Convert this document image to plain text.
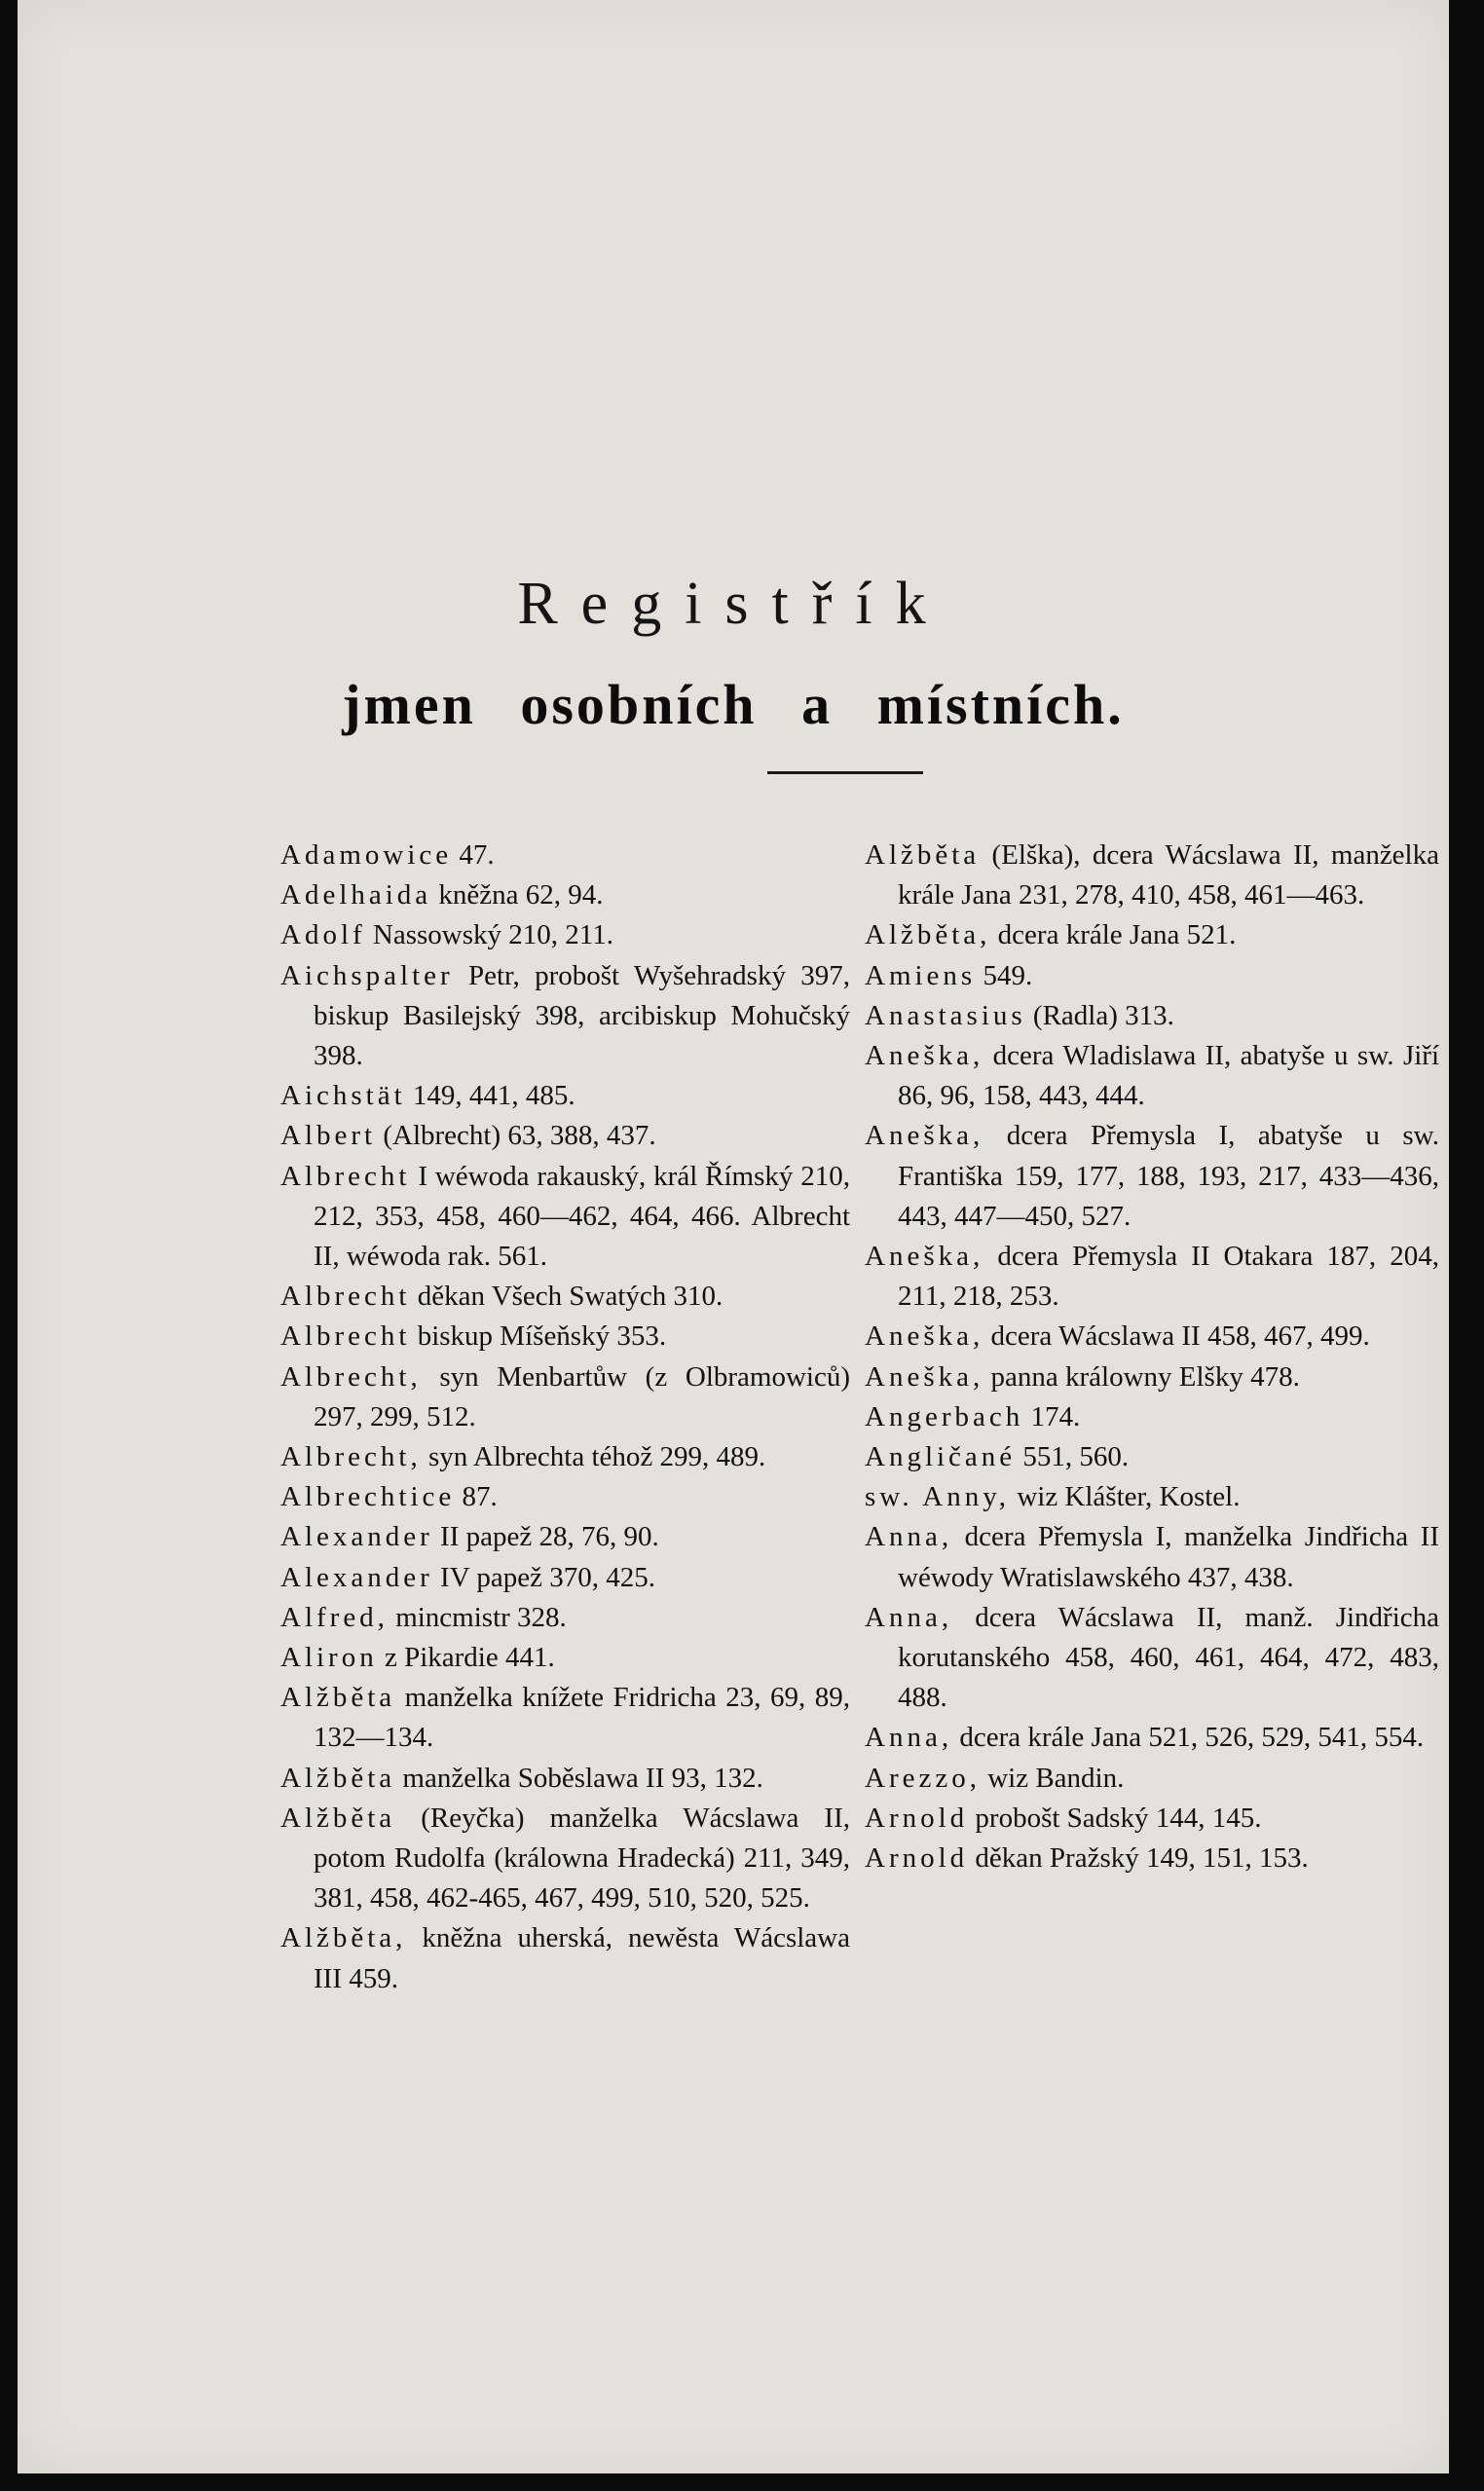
Registřík
jmen osobních a místních.
Adamowice 47.
Adelhaida kněžna 62, 94.
Adolf Nassowský 210, 211.
Aichspalter Petr, probošt Wyšehradský 397, biskup Basilejský 398, arcibiskup Mohučský 398.
Aichstät 149, 441, 485.
Albert (Albrecht) 63, 388, 437.
Albrecht I wéwoda rakauský, král Římský 210, 212, 353, 458, 460—462, 464, 466. Albrecht II, wéwoda rak. 561.
Albrecht děkan Všech Swatých 310.
Albrecht biskup Míšeňský 353.
Albrecht, syn Menbartůw (z Olbramowiců) 297, 299, 512.
Albrecht, syn Albrechta téhož 299, 489.
Albrechtice 87.
Alexander II papež 28, 76, 90.
Alexander IV papež 370, 425.
Alfred, mincmistr 328.
Aliron z Pikardie 441.
Alžběta manželka knížete Fridricha 23, 69, 89, 132—134.
Alžběta manželka Soběslawa II 93, 132.
Alžběta (Reyčka) manželka Wácslawa II, potom Rudolfa (králowna Hradecká) 211, 349, 381, 458, 462-465, 467, 499, 510, 520, 525.
Alžběta, kněžna uherská, newěsta Wácslawa III 459.
Alžběta (Elška), dcera Wácslawa II, manželka krále Jana 231, 278, 410, 458, 461—463.
Alžběta, dcera krále Jana 521.
Amiens 549.
Anastasius (Radla) 313.
Aneška, dcera Wladislawa II, abatyše u sw. Jiří 86, 96, 158, 443, 444.
Aneška, dcera Přemysla I, abatyše u sw. Františka 159, 177, 188, 193, 217, 433—436, 443, 447—450, 527.
Aneška, dcera Přemysla II Otakara 187, 204, 211, 218, 253.
Aneška, dcera Wácslawa II 458, 467, 499.
Aneška, panna králowny Elšky 478.
Angerbach 174.
Angličané 551, 560.
sw. Anny, wiz Klášter, Kostel.
Anna, dcera Přemysla I, manželka Jindřicha II wéwody Wratislawského 437, 438.
Anna, dcera Wácslawa II, manž. Jindřicha korutanského 458, 460, 461, 464, 472, 483, 488.
Anna, dcera krále Jana 521, 526, 529, 541, 554.
Arezzo, wiz Bandin.
Arnold probošt Sadský 144, 145.
Arnold děkan Pražský 149, 151, 153.
